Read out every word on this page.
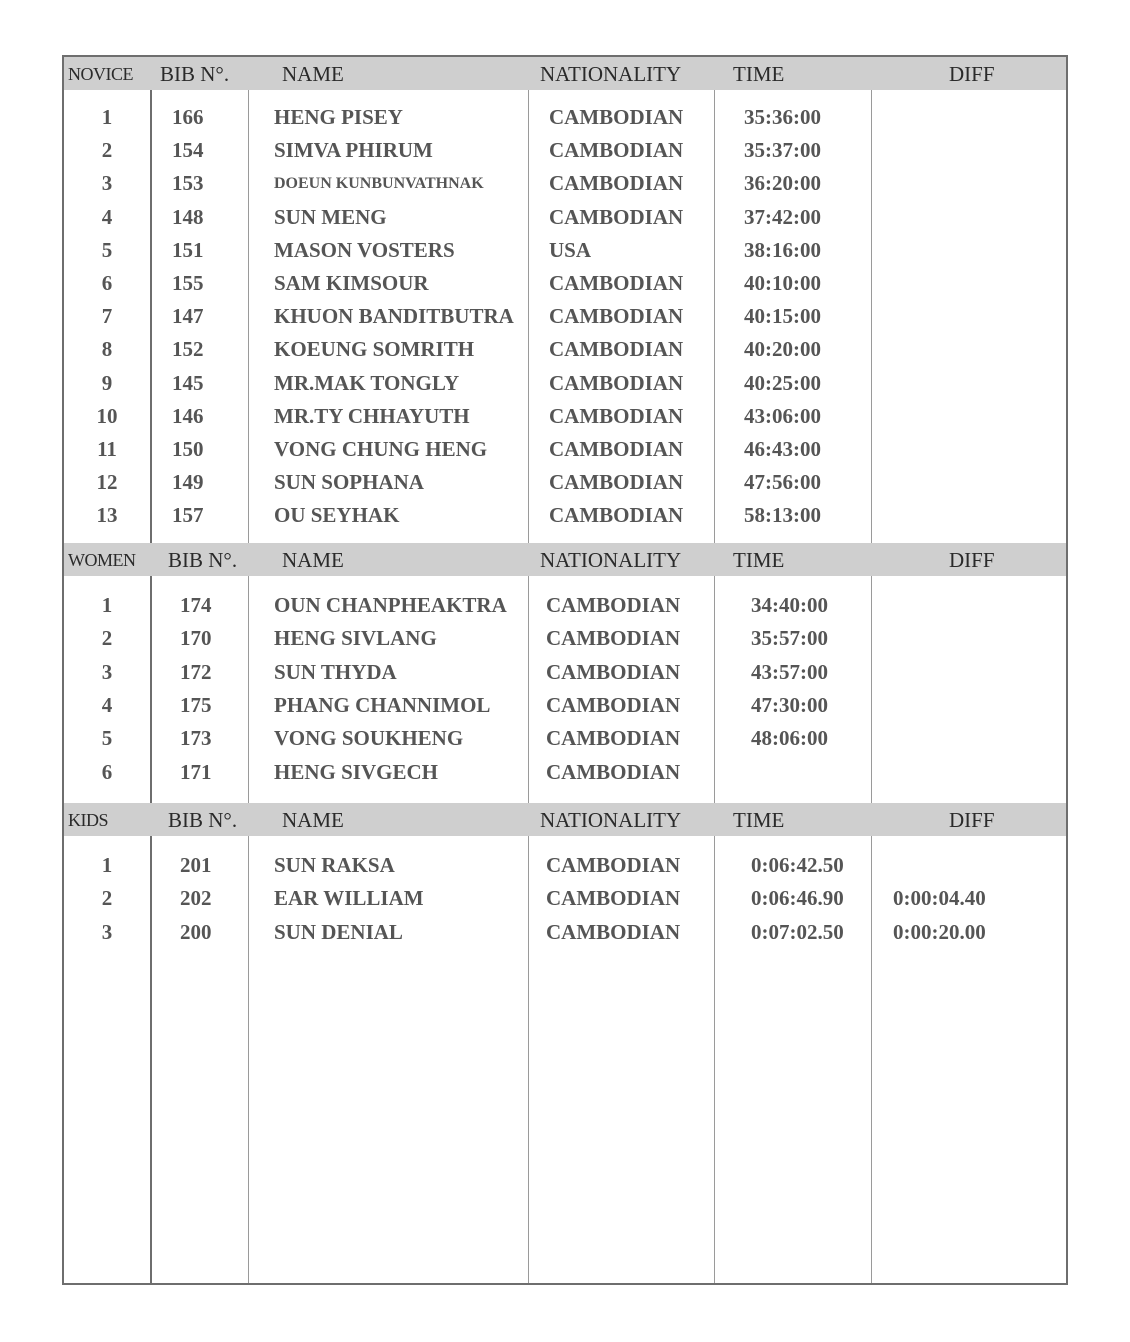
NOVICE BIB N°.	NAME	NATIONALITY TIME	DIFF
1	166	HENG PISEY	CAMBODIAN	35:36:00
2	154	SIMVA PHIRUM	CAMBODIAN	35:37:00
3	153	DOEUN KUNBUNVATHNAK	CAMBODIAN	36:20:00
4	148	SUN MENG	CAMBODIAN	37:42:00
5	151	MASON VOSTERS	USA	38:16:00
6	155	SAM KIMSOUR	CAMBODIAN	40:10:00
7	147	KHUON BANDITBUTRA CAMBODIAN	40:15:00
8	152	KOEUNG SOMRITH	CAMBODIAN	40:20:00
9	145	MR.MAK TONGLY	CAMBODIAN	40:25:00
10	146	MR.TY CHHAYUTH	CAMBODIAN	43:06:00
11	150	VONG CHUNG HENG	CAMBODIAN	46:43:00
12	149	SUN SOPHANA	CAMBODIAN	47:56:00
13	157	OU SEYHAK	CAMBODIAN	58:13:00
WOMEN BIB N°. NAME	NATIONALITY TIME	DIFF
1	174	OUN CHANPHEAKTRA CAMBODIAN	34:40:00
2	170	HENG SIVLANG	CAMBODIAN	35:57:00
3	172	SUN THYDA	CAMBODIAN	43:57:00
4	175	PHANG CHANNIMOL	CAMBODIAN	47:30:00
5	173	VONG SOUKHENG	CAMBODIAN	48:06:00
6	171	HENG SIVGECH	CAMBODIAN
KIDS	BIB N°. NAME	NATIONALITY TIME	DIFF
1	201	SUN RAKSA	CAMBODIAN	0:06:42.50
2	202	EAR WILLIAM	CAMBODIAN	0:06:46.90 0:00:04.40
3	200	SUN DENIAL	CAMBODIAN	0:07:02.50 0:00:20.00
